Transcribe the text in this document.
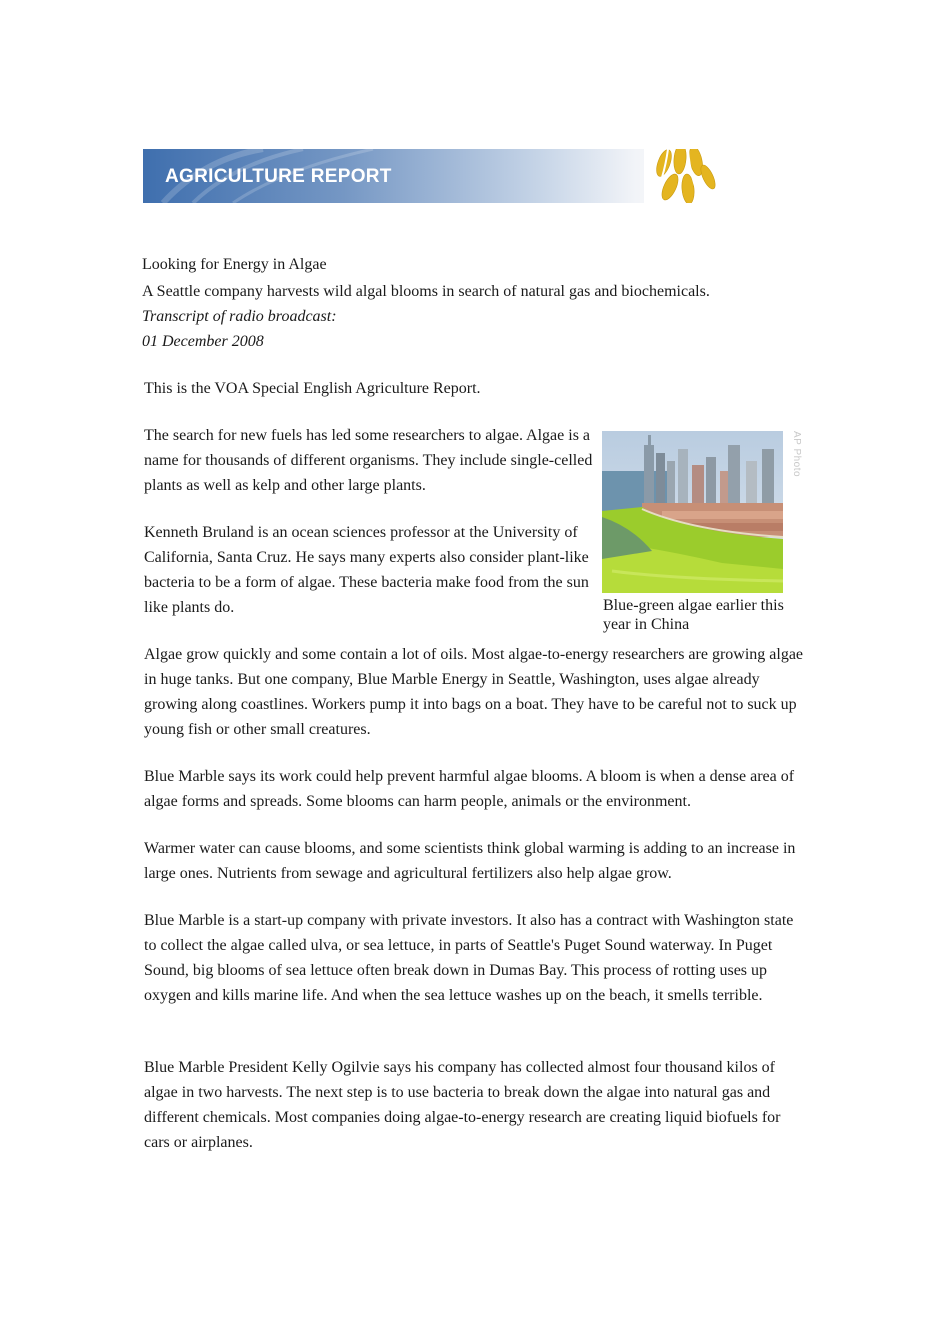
AGRICULTURE REPORT
Looking for Energy in Algae
A Seattle company harvests wild algal blooms in search of natural gas and biochemicals.
Transcript of radio broadcast:
01 December 2008
This is the VOA Special English Agriculture Report.
The search for new fuels has led some researchers to algae. Algae is a name for thousands of different organisms. They include single-celled plants as well as kelp and other large plants.
Kenneth Bruland is an ocean sciences professor at the University of California, Santa Cruz. He says many experts also consider plant-like bacteria to be a form of algae. These bacteria make food from the sun like plants do.
AP Photo
Blue-green algae earlier this year in China
Algae grow quickly and some contain a lot of oils. Most algae-to-energy researchers are growing algae in huge tanks. But one company, Blue Marble Energy in Seattle, Washington, uses algae already growing along coastlines. Workers pump it into bags on a boat. They have to be careful not to suck up young fish or other small creatures.
Blue Marble says its work could help prevent harmful algae blooms. A bloom is when a dense area of algae forms and spreads. Some blooms can harm people, animals or the environment.
Warmer water can cause blooms, and some scientists think global warming is adding to an increase in large ones. Nutrients from sewage and agricultural fertilizers also help algae grow.
Blue Marble is a start-up company with private investors. It also has a contract with Washington state to collect the algae called ulva, or sea lettuce, in parts of Seattle's Puget Sound waterway. In Puget Sound, big blooms of sea lettuce often break down in Dumas Bay. This process of rotting uses up oxygen and kills marine life. And when the sea lettuce washes up on the beach, it smells terrible.
Blue Marble President Kelly Ogilvie says his company has collected almost four thousand kilos of algae in two harvests. The next step is to use bacteria to break down the algae into natural gas and different chemicals. Most companies doing algae-to-energy research are creating liquid biofuels for cars or airplanes.
